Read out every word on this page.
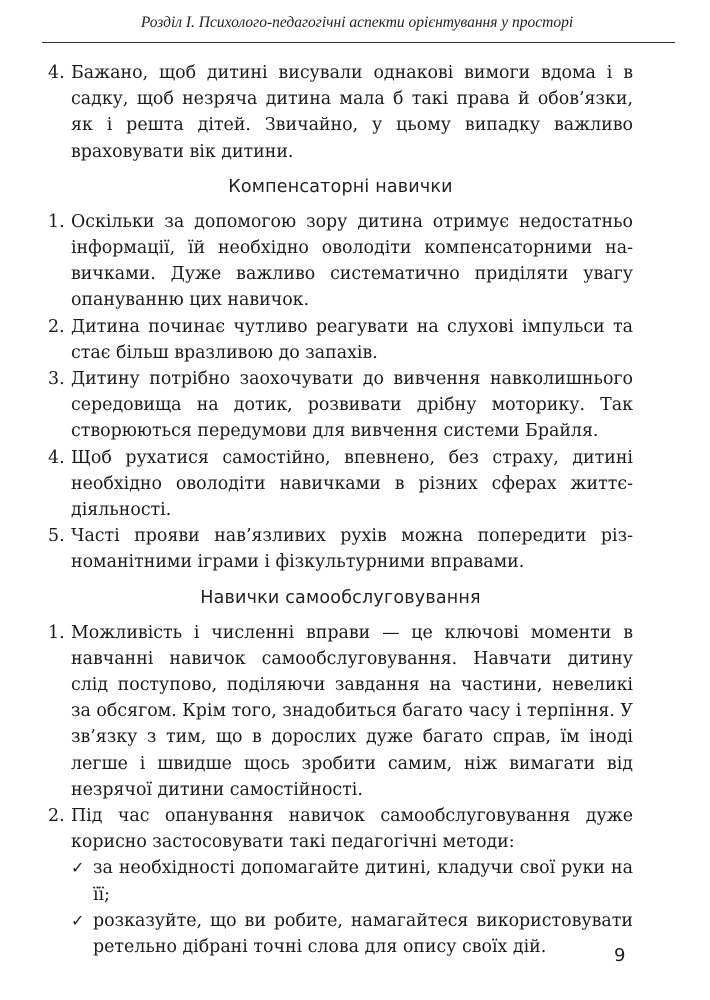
Розділ І. Психолого-педагогічні аспекти орієнтування у просторі
4. Бажано, щоб дитині висували однакові вимоги вдома і в садку, щоб незряча дитина мала б такі права й обов’язки, як і решта дітей. Звичайно, у цьому випадку важливо враховувати вік дитини.
Компенсаторні навички
1. Оскільки за допомогою зору дитина отримує недостатньо інформації, їй необхідно оволодіти компенсаторними навичками. Дуже важливо систематично приділяти увагу опануванню цих навичок.
2. Дитина починає чутливо реагувати на слухові імпульси та стає більш вразливою до запахів.
3. Дитину потрібно заохочувати до вивчення навколишнього середовища на дотик, розвивати дрібну моторику. Так створюються передумови для вивчення системи Брайля.
4. Щоб рухатися самостійно, впевнено, без страху, дитині необхідно оволодіти навичками в різних сферах життєдіяльності.
5. Часті прояви нав’язливих рухів можна попередити різноманітними іграми і фізкультурними вправами.
Навички самообслуговування
1. Можливість і численні вправи — це ключові моменти в навчанні навичок самообслуговування. Навчати дитину слід поступово, поділяючи завдання на частини, невеликі за обсягом. Крім того, знадобиться багато часу і терпіння. У зв’язку з тим, що в дорослих дуже багато справ, їм іноді легше і швидше щось зробити самим, ніж вимагати від незрячої дитини самостійності.
2. Під час опанування навичок самообслуговування дуже корисно застосовувати такі педагогічні методи:
✓ за необхідності допомагайте дитині, кладучи свої руки на її;
✓ розказуйте, що ви робите, намагайтеся використовувати ретельно дібрані точні слова для опису своїх дій.	9
